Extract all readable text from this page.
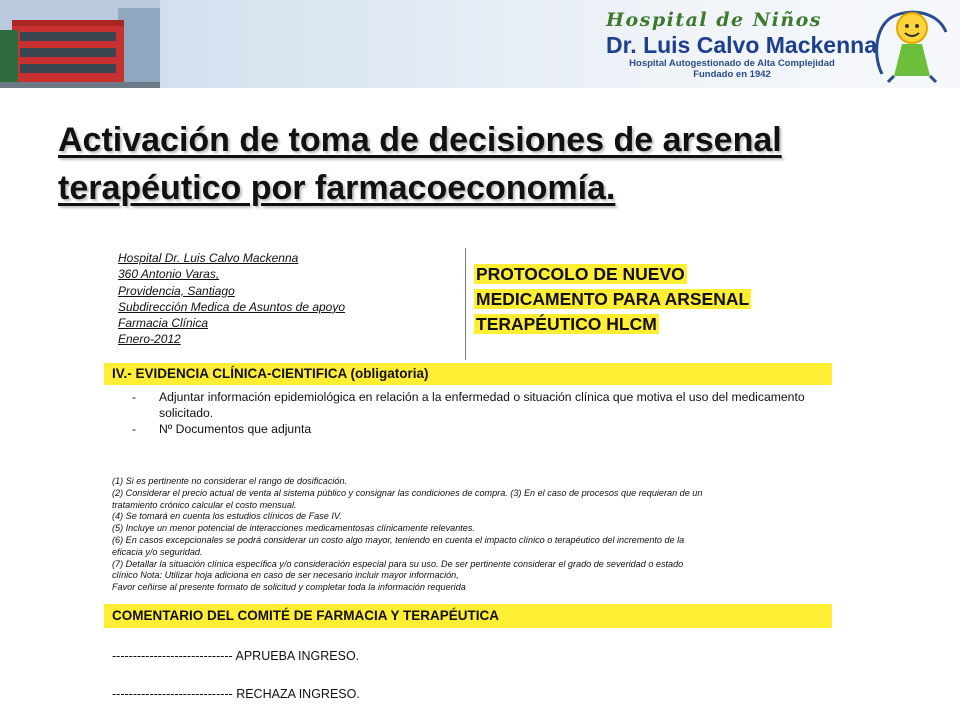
Hospital de Niños
Dr. Luis Calvo Mackenna
Hospital Autogestionado de Alta Complejidad
Fundado en 1942
Activación de toma de decisiones de arsenal
terapéutico por farmacoeconomía.
Hospital Dr. Luis Calvo Mackenna
360 Antonio Varas,
Providencia, Santiago
Subdirección Medica de Asuntos de apoyo
Farmacia Clínica
Enero-2012
PROTOCOLO DE NUEVO
MEDICAMENTO PARA ARSENAL
TERAPÉUTICO HLCM
IV.- EVIDENCIA CLÍNICA-CIENTIFICA (obligatoria)
- Adjuntar información epidemiológica en relación a la enfermedad o situación clínica que motiva el uso del medicamento solicitado.
- Nº Documentos que adjunta
(1) Si es pertinente no considerar el rango de dosificación.
(2) Considerar el precio actual de venta al sistema público y consignar las condiciones de compra. (3) En el caso de procesos que requieran de un
tratamiento crónico calcular el costo mensual.
(4) Se tomará en cuenta los estudios clínicos de Fase IV.
(5) Incluye un menor potencial de interacciones medicamentosas clínicamente relevantes.
(6) En casos excepcionales se podrá considerar un costo algo mayor, teniendo en cuenta el impacto clínico o terapéutico del incremento de la
eficacia y/o seguridad.
(7) Detallar la situación clínica específica y/o consideración especial para su uso. De ser pertinente considerar el grado de severidad o estado
clínico Nota: Utilizar hoja adiciona en caso de ser necesario incluir mayor información,
Favor ceñirse al presente formato de solicitud y completar toda la información requerida
COMENTARIO DEL COMITÉ DE FARMACIA Y TERAPÉUTICA
----------------------------- APRUEBA INGRESO.
----------------------------- RECHAZA INGRESO.
